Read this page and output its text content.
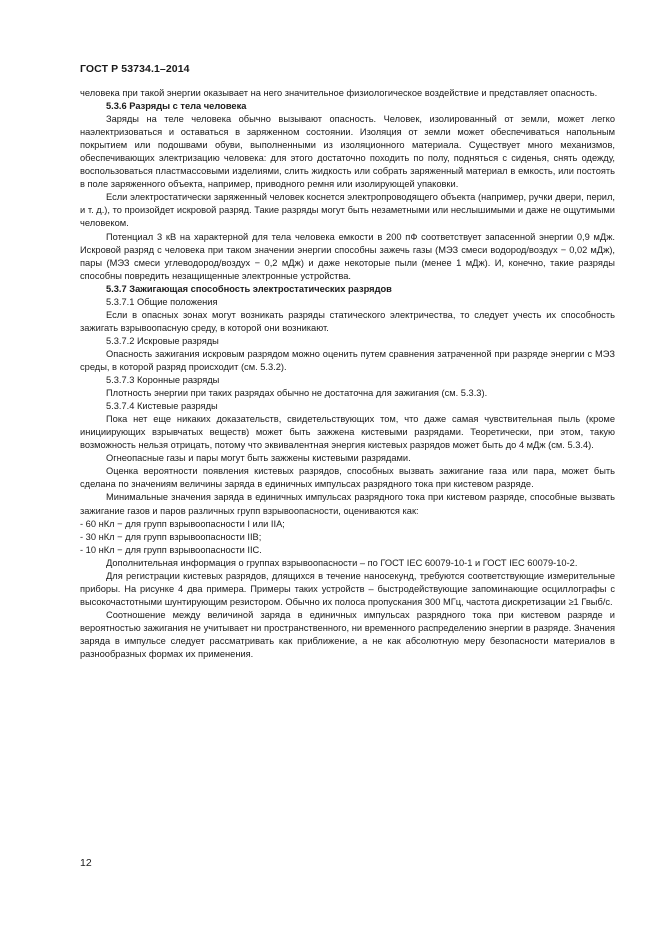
ГОСТ Р 53734.1–2014

человека при такой энергии оказывает на него значительное физиологическое воздействие и представляет опасность.

5.3.6 Разряды с тела человека

Заряды на теле человека обычно вызывают опасность. Человек, изолированный от земли, может легко наэлектризоваться и оставаться в заряженном состоянии. Изоляция от земли может обеспечиваться напольным покрытием или подошвами обуви, выполненными из изоляционного материала. Существует много механизмов, обеспечивающих электризацию человека: для этого достаточно походить по полу, подняться с сиденья, снять одежду, воспользоваться пластмассовыми изделиями, слить жидкость или собрать заряженный материал в емкость, или постоять в поле заряженного объекта, например, приводного ремня или изолирующей упаковки.

Если электростатически заряженный человек коснется электропроводящего объекта (например, ручки двери, перил, и т. д.), то произойдет искровой разряд. Такие разряды могут быть незаметными или неслышимыми и даже не ощутимыми человеком.

Потенциал 3 кВ на характерной для тела человека емкости в 200 пФ соответствует запасенной энергии 0,9 мДж. Искровой разряд с человека при таком значении энергии способны зажечь газы (МЭЗ смеси водород/воздух − 0,02 мДж), пары (МЭЗ смеси углеводород/воздух − 0,2 мДж) и даже некоторые пыли (менее 1 мДж). И, конечно, такие разряды способны повредить незащищенные электронные устройства.

5.3.7 Зажигающая способность электростатических разрядов

5.3.7.1 Общие положения

Если в опасных зонах могут возникать разряды статического электричества, то следует учесть их способность зажигать взрывоопасную среду, в которой они возникают.

5.3.7.2 Искровые разряды

Опасность зажигания искровым разрядом можно оценить путем сравнения затраченной при разряде энергии с МЭЗ среды, в которой разряд происходит (см. 5.3.2).

5.3.7.3 Коронные разряды

Плотность энергии при таких разрядах обычно не достаточна для зажигания (см. 5.3.3).

5.3.7.4 Кистевые разряды

Пока нет еще никаких доказательств, свидетельствующих том, что даже самая чувствительная пыль (кроме инициирующих взрывчатых веществ) может быть зажжена кистевыми разрядами. Теоретически, при этом, такую возможность нельзя отрицать, потому что эквивалентная энергия кистевых разрядов может быть до 4 мДж (см. 5.3.4).

Огнеопасные газы и пары могут быть зажжены кистевыми разрядами.

Оценка вероятности появления кистевых разрядов, способных вызвать зажигание газа или пара, может быть сделана по значениям величины заряда в единичных импульсах разрядного тока при кистевом разряде.

Минимальные значения заряда в единичных импульсах разрядного тока при кистевом разряде, способные вызвать зажигание газов и паров различных групп взрывоопасности, оцениваются как:

- 60 нКл − для групп взрывоопасности I или IIA;

- 30 нКл − для групп взрывоопасности IIB;

- 10 нКл − для групп взрывоопасности IIC.

Дополнительная информация о группах взрывоопасности – по ГОСТ IEC 60079-10-1 и ГОСТ IEC 60079-10-2.

Для регистрации кистевых разрядов, длящихся в течение наносекунд, требуются соответствующие измерительные приборы. На рисунке 4 два примера. Примеры таких устройств – быстродействующие запоминающие осциллографы с высокочастотными шунтирующим резистором. Обычно их полоса пропускания 300 МГц, частота дискретизации ≥1 Гвыб/с.

Соотношение между величиной заряда в единичных импульсах разрядного тока при кистевом разряде и вероятностью зажигания не учитывает ни пространственного, ни временного распределению энергии в разряде. Значения заряда в импульсе следует рассматривать как приближение, а не как абсолютную меру безопасности материалов в разнообразных формах их применения.

12
